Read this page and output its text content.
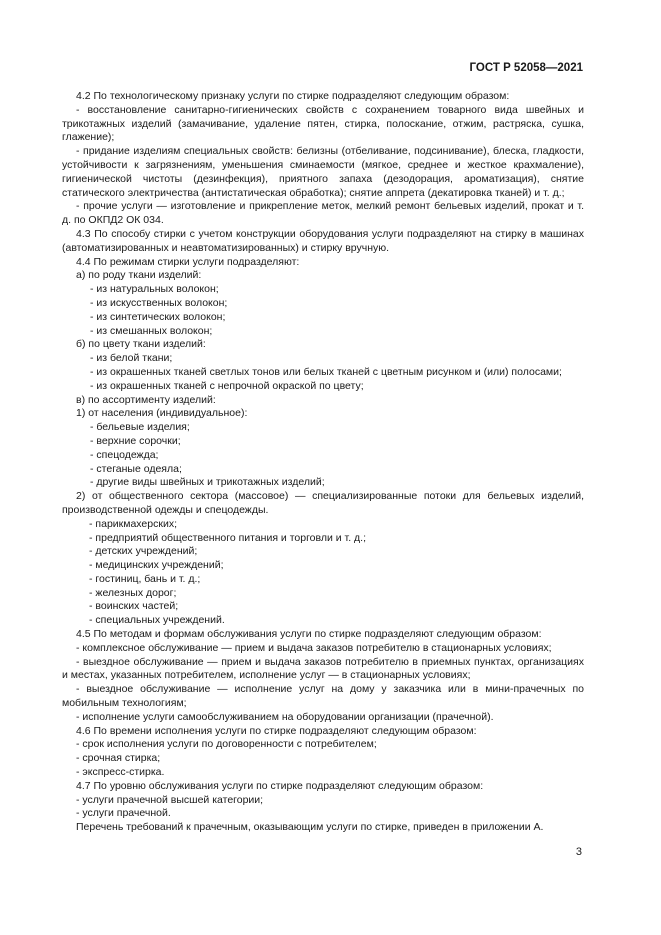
ГОСТ Р 52058—2021

4.2 По технологическому признаку услуги по стирке подразделяют следующим образом:

- восстановление санитарно-гигиенических свойств с сохранением товарного вида швейных и трикотажных изделий (замачивание, удаление пятен, стирка, полоскание, отжим, растряска, сушка, глажение);

- придание изделиям специальных свойств: белизны (отбеливание, подсинивание), блеска, гладкости, устойчивости к загрязнениям, уменьшения сминаемости (мягкое, среднее и жесткое крахмаление), гигиенической чистоты (дезинфекция), приятного запаха (дезодорация, ароматизация), снятие статического электричества (антистатическая обработка); снятие аппрета (декатировка тканей) и т. д.;

- прочие услуги — изготовление и прикрепление меток, мелкий ремонт бельевых изделий, прокат и т. д. по ОКПД2 ОК 034.

4.3 По способу стирки с учетом конструкции оборудования услуги подразделяют на стирку в машинах (автоматизированных и неавтоматизированных) и стирку вручную.

4.4 По режимам стирки услуги подразделяют:

а) по роду ткани изделий:

- из натуральных волокон;

- из искусственных волокон;

- из синтетических волокон;

- из смешанных волокон;

б) по цвету ткани изделий:

- из белой ткани;

- из окрашенных тканей светлых тонов или белых тканей с цветным рисунком и (или) полосами;

- из окрашенных тканей с непрочной окраской по цвету;

в) по ассортименту изделий:

1) от населения (индивидуальное):

- бельевые изделия;

- верхние сорочки;

- спецодежда;

- стеганые одеяла;

- другие виды швейных и трикотажных изделий;

2) от общественного сектора (массовое) — специализированные потоки для бельевых изделий, производственной одежды и спецодежды.

- парикмахерских;

- предприятий общественного питания и торговли и т. д.;

- детских учреждений;

- медицинских учреждений;

- гостиниц, бань и т. д.;

- железных дорог;

- воинских частей;

- специальных учреждений.

4.5 По методам и формам обслуживания услуги по стирке подразделяют следующим образом:

- комплексное обслуживание — прием и выдача заказов потребителю в стационарных условиях;

- выездное обслуживание — прием и выдача заказов потребителю в приемных пунктах, организациях и местах, указанных потребителем, исполнение услуг — в стационарных условиях;

- выездное обслуживание — исполнение услуг на дому у заказчика или в мини-прачечных по мобильным технологиям;

- исполнение услуги самообслуживанием на оборудовании организации (прачечной).

4.6 По времени исполнения услуги по стирке подразделяют следующим образом:

- срок исполнения услуги по договоренности с потребителем;

- срочная стирка;

- экспресс-стирка.

4.7 По уровню обслуживания услуги по стирке подразделяют следующим образом:

- услуги прачечной высшей категории;

- услуги прачечной.

Перечень требований к прачечным, оказывающим услуги по стирке, приведен в приложении А.

3
